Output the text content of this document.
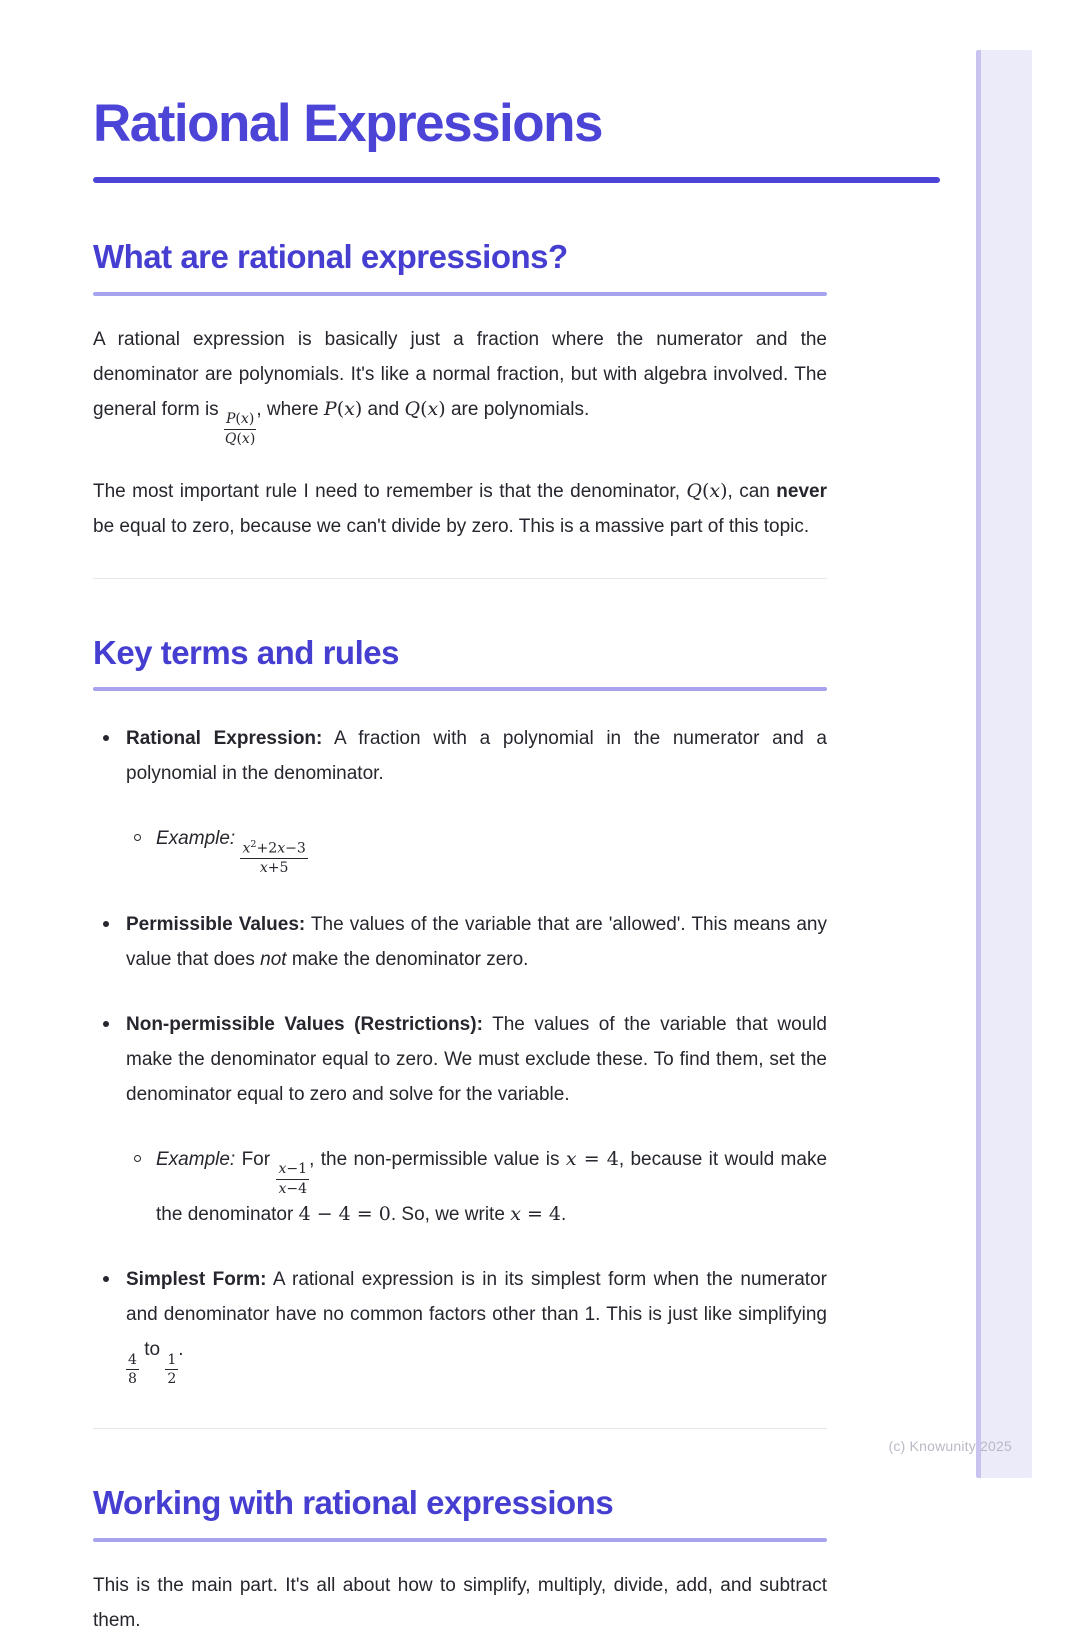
(c) Knowunity 2025
Rational Expressions
What are rational expressions?

A rational expression is basically just a fraction where the numerator and the denominator are polynomials. It's like a normal fraction, but with algebra involved. The general form is
$\frac{P(x)}{Q(x)}$
, where P(x) and Q(x) are polynomials.

The most important rule I need to remember is that the denominator, Q(x), can never be equal to zero, because we can't divide by zero. This is a massive part of this topic.

Key terms and rules
Rational Expression: A fraction with a polynomial in the numerator and a polynomial in the denominator.
Example:
$\frac{x^2+2x-3}{x+5}$
Permissible Values: The values of the variable that are 'allowed'. This means any value that does not make the denominator zero.
Non-permissible Values (Restrictions): The values of the variable that would make the denominator equal to zero. We must exclude these. To find them, set the denominator equal to zero and solve for the variable.
Example: For
$\frac{x-1}{x-4}$
, the non-permissible value is x = 4, because it would make the denominator 4 − 4 = 0. So, we write x = 4.
Simplest Form: A rational expression is in its simplest form when the numerator and denominator have no common factors other than 1. This is just like simplifying
$\frac{4}{8}$
to
$\frac{1}{2}$
.
Working with rational expressions

This is the main part. It's all about how to simplify, multiply, divide, add, and subtract them.
